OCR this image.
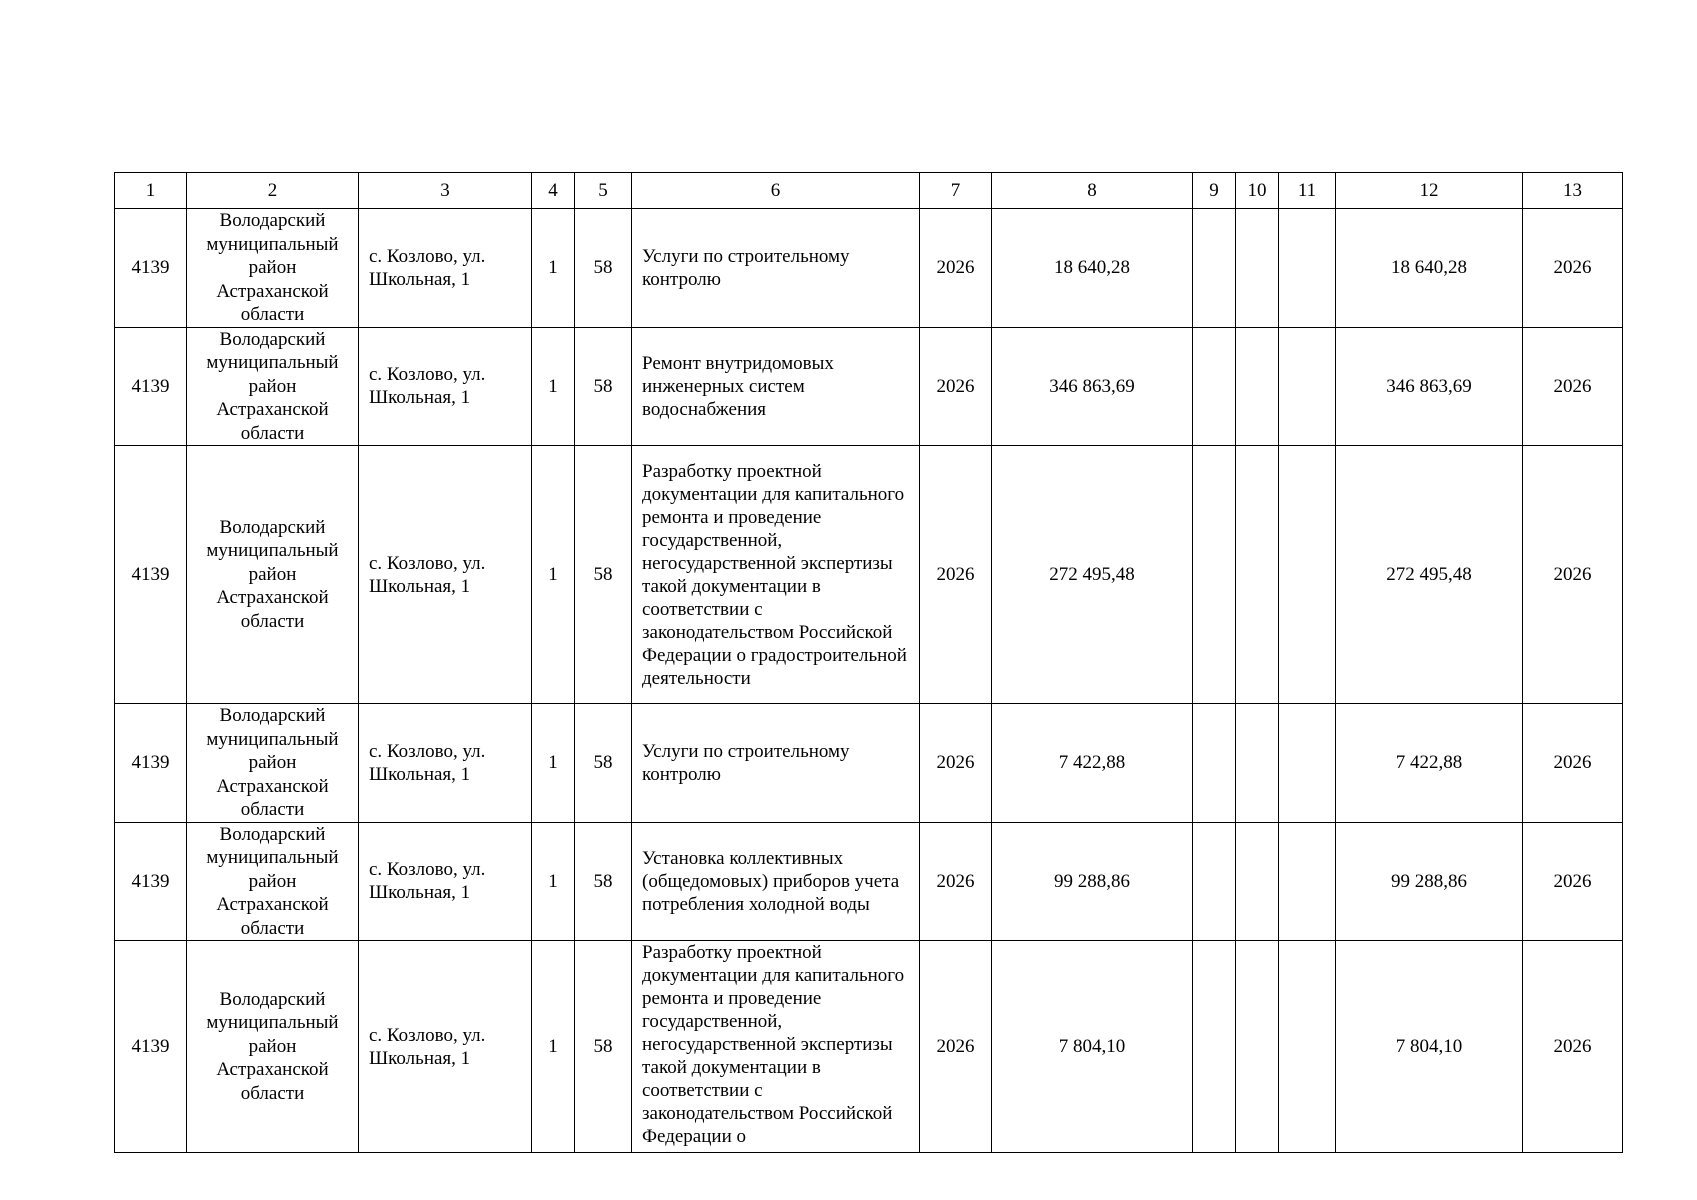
1	2	3	4	5	6	7	8	9	10	11	12	13
4139	Володарский муниципальный район Астраханской области	с. Козлово, ул. Школьная, 1	1	58	Услуги по строительному контролю	2026	18 640,28				18 640,28	2026
4139	Володарский муниципальный район Астраханской области	с. Козлово, ул. Школьная, 1	1	58	Ремонт внутридомовых инженерных систем водоснабжения	2026	346 863,69				346 863,69	2026
4139	Володарский муниципальный район Астраханской области	с. Козлово, ул. Школьная, 1	1	58	Разработку проектной документации для капитального ремонта и проведение государственной, негосударственной экспертизы такой документации в соответствии с законодательством Российской Федерации о градостроительной деятельности	2026	272 495,48				272 495,48	2026
4139	Володарский муниципальный район Астраханской области	с. Козлово, ул. Школьная, 1	1	58	Услуги по строительному контролю	2026	7 422,88				7 422,88	2026
4139	Володарский муниципальный район Астраханской области	с. Козлово, ул. Школьная, 1	1	58	Установка коллективных (общедомовых) приборов учета потребления холодной воды	2026	99 288,86				99 288,86	2026
4139	Володарский муниципальный район Астраханской области	с. Козлово, ул. Школьная, 1	1	58	Разработку проектной документации для капитального ремонта и проведение государственной, негосударственной экспертизы такой документации в соответствии с законодательством Российской Федерации о	2026	7 804,10				7 804,10	2026
